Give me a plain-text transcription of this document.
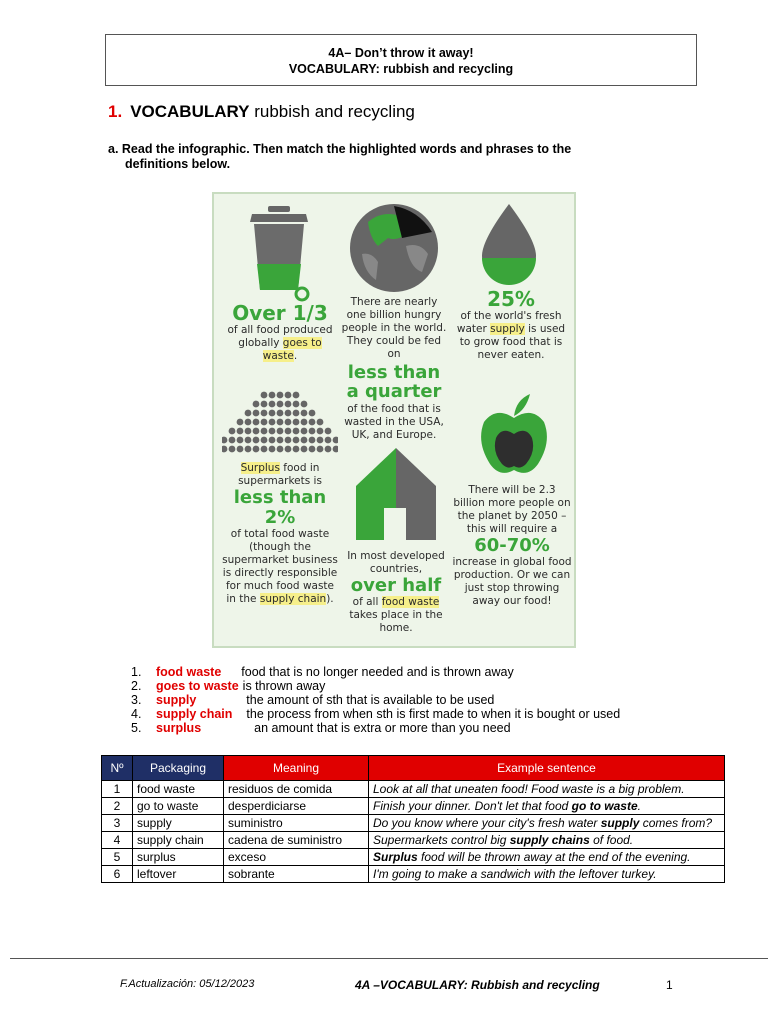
4A– Don’t throw it away!
VOCABULARY: rubbish and recycling
1. VOCABULARY rubbish and recycling
a. Read the infographic. Then match the highlighted words and phrases to the
definitions below.
Over 1/3
of all food produced globally goes to waste.
There are nearly one billion hungry people in the world. They could be fed on
less than a quarter
of the food that is wasted in the USA, UK, and Europe.
25%
of the world's fresh water supply is used to grow food that is never eaten.
Surplus food in supermarkets is
less than 2%
of total food waste (though the supermarket business is directly responsible for much food waste in the supply chain).
In most developed countries,
over half
of all food waste takes place in the home.
There will be 2.3 billion more people on the planet by 2050 – this will require a
60-70%
increase in global food production. Or we can just stop throwing away our food!
1. food waste food that is no longer needed and is thrown away
2. goes to waste is thrown away
3. supply	the amount of sth that is available to be used
4. supply chain the process from when sth is first made to when it is bought or used
5. surplus	an amount that is extra or more than you need
Nº	Packaging	Meaning	Example sentence
1	food waste	residuos de comida	Look at all that uneaten food! Food waste is a big problem.
2	go to waste	desperdiciarse	Finish your dinner. Don't let that food go to waste.
3	supply	suministro	Do you know where your city's fresh water supply comes from?
4	supply chain	cadena de suministro	Supermarkets control big supply chains of food.
5	surplus	exceso	Surplus food will be thrown away at the end of the evening.
6	leftover	sobrante	I'm going to make a sandwich with the leftover turkey.
F.Actualización: 05/12/2023	4A –VOCABULARY: Rubbish and recycling	1
